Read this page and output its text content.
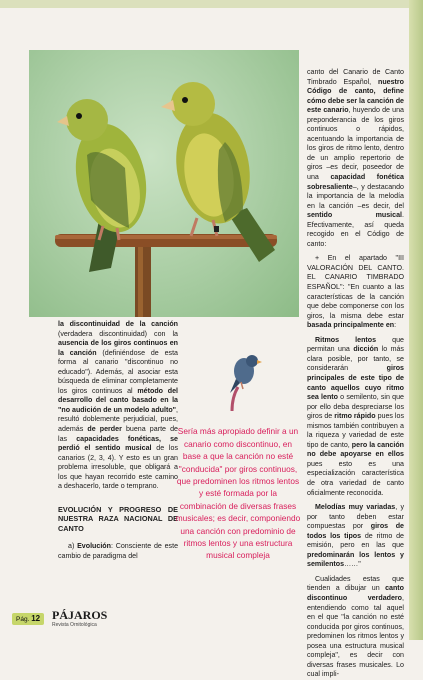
la discontinuidad de la canción (verdadera discontinuidad) con la ausencia de los giros continuos en la canción (definiéndose de esta forma al canario "discontinuo no educado"). Además, al asociar esta búsqueda de eliminar completamente los giros continuos al método del desarrollo del canto basado en la "no audición de un modelo adulto", resultó doblemente perjudicial, pues, además de perder buena parte de las capacidades fonéticas, se perdió el sentido musical de los canarios (2, 3, 4). Y esto es un gran problema irresoluble, que obligará a los que hayan recorrido este camino a deshacerlo, tarde o temprano.

EVOLUCIÓN Y PROGRESO DE NUESTRA RAZA NACIONAL DE CANTO

a) Evolución: Consciente de este cambio de paradigma del

Sería más apropiado definir a un canario como discontinuo, en base a que la canción no esté "conducida" por giros continuos, que predominen los ritmos lentos y esté formada por la combinación de diversas frases musicales; es decir, componiendo una canción con predominio de ritmos lentos y una estructura musical compleja

canto del Canario de Canto Timbrado Español, nuestro Código de canto, define cómo debe ser la canción de este canario, huyendo de una preponderancia de los giros continuos o rápidos, acentuando la importancia de los giros de ritmo lento, dentro de un amplio repertorio de giros –es decir, poseedor de una capacidad fonética sobresaliente–, y destacando la importancia de la melodía en la canción –es decir, del sentido musical. Efectivamente, así queda recogido en el Código de canto:

+ En el apartado "III VALORACIÓN DEL CANTO. EL CANARIO TIMBRADO ESPAÑOL": "En cuanto a las características de la canción que debe componerse con los giros, la misma debe estar basada principalmente en:

Ritmos lentos que permitan una dicción lo más clara posible, por tanto, se considerarán giros principales de este tipo de canto aquellos cuyo ritmo sea lento o semilento, sin que por ello deba despreciarse los giros de ritmo rápido pues los mismos también contribuyen a la riqueza y variedad de este tipo de canto, pero la canción no debe apoyarse en ellos pues esto es una especialización característica de otra variedad de canto oficialmente reconocida.

Melodías muy variadas, y por tanto deben estar compuestas por giros de todos los tipos de ritmo de emisión, pero en las que predominarán los lentos y semilentos……"

Cualidades estas que tienden a dibujar un canto discontinuo verdadero, entendiendo como tal aquel en el que "la canción no esté conducida por giros continuos, predominen los ritmos lentos y posea una estructura musical compleja", es decir con diversas frases musicales. Lo cual impli-

Pág. 12 PÁJAROS
Revista Ornitológica
